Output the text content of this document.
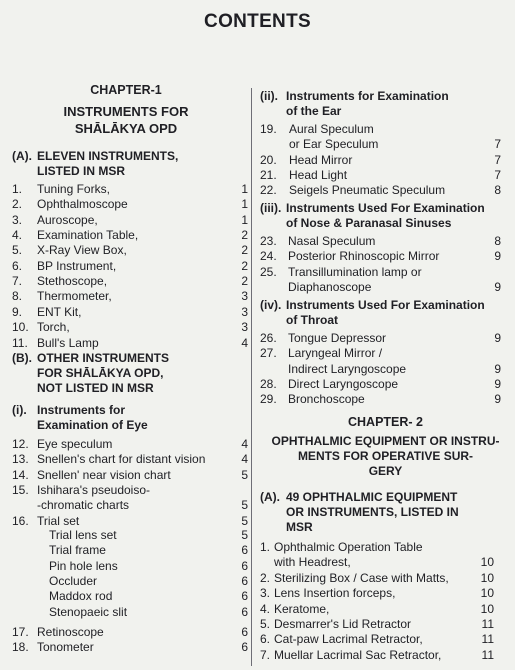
CONTENTS
CHAPTER-1
INSTRUMENTS FOR
SHĀLĀKYA OPD
(A). ELEVEN INSTRUMENTS,
LISTED IN MSR
1. Tuning Forks,	1
2. Ophthalmoscope	1
3. Auroscope,	1
4. Examination Table,	2
5. X-Ray View Box,	2
6. BP Instrument,	2
7. Stethoscope,	2
8. Thermometer,	3
9. ENT Kit,	3
10. Torch,	3
11. Bull's Lamp	4
(B). OTHER INSTRUMENTS
FOR SHĀLĀKYA OPD,
NOT LISTED IN MSR
(i). Instruments for
Examination of Eye
12. Eye speculum	4
13. Snellen's chart for distant vision	4
14. Snellen' near vision chart	5
15. Ishihara's pseudoiso-
-chromatic charts	5
16. Trial set	5
Trial lens set	5
Trial frame	6
Pin hole lens	6
Occluder	6
Maddox rod	6
Stenopaeic slit	6
17. Retinoscope	6
18. Tonometer	6
(ii). Instruments for Examination
of the Ear
19. Aural Speculum
or Ear Speculum	7
20. Head Mirror	7
21. Head Light	7
22. Seigels Pneumatic Speculum	8
(iii). Instruments Used For Examination
of Nose & Paranasal Sinuses
23. Nasal Speculum	8
24. Posterior Rhinoscopic Mirror	9
25. Transillumination lamp or
Diaphanoscope	9
(iv). Instruments Used For Examination
of Throat
26. Tongue Depressor	9
27. Laryngeal Mirror /
Indirect Laryngoscope	9
28. Direct Laryngoscope	9
29. Bronchoscope	9
CHAPTER- 2
OPHTHALMIC EQUIPMENT OR INSTRU-
MENTS FOR OPERATIVE SUR-
GERY
(A). 49 OPHTHALMIC EQUIPMENT
OR INSTRUMENTS, LISTED IN
MSR
1. Ophthalmic Operation Table
with Headrest,	10
2. Sterilizing Box / Case with Matts,	10
3. Lens Insertion forceps,	10
4. Keratome,	10
5. Desmarrer's Lid Retractor	11
6. Cat-paw Lacrimal Retractor,	11
7. Muellar Lacrimal Sac Retractor,	11
